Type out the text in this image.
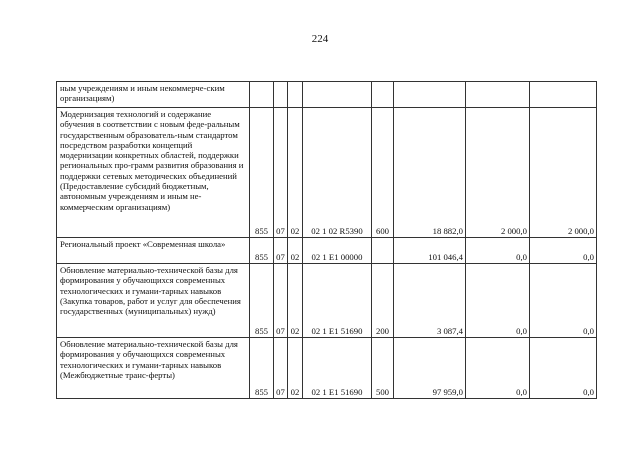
224
ным учреждениям и иным некоммерче-ским организациям)								
Модернизация технологий и содержание обучения в соответствии с новым феде-ральным государственным образователь-ным стандартом посредством разработки концепций модернизации конкретных областей, поддержки региональных про-грамм развития образования и поддержки сетевых методических объединений (Предоставление субсидий бюджетным, автономным учреждениям и иным не-коммерческим организациям)	855	07	02	02 1 02 R5390	600	18 882,0	2 000,0	2 000,0
Региональный проект «Современная школа»	855	07	02	02 1 E1 00000		101 046,4	0,0	0,0
Обновление материально-технической базы для формирования у обучающихся современных технологических и гумани-тарных навыков (Закупка товаров, работ и услуг для обеспечения государственных (муниципальных) нужд)	855	07	02	02 1 E1 51690	200	3 087,4	0,0	0,0
Обновление материально-технической базы для формирования у обучающихся современных технологических и гумани-тарных навыков (Межбюджетные транс-ферты)	855	07	02	02 1 E1 51690	500	97 959,0	0,0	0,0
